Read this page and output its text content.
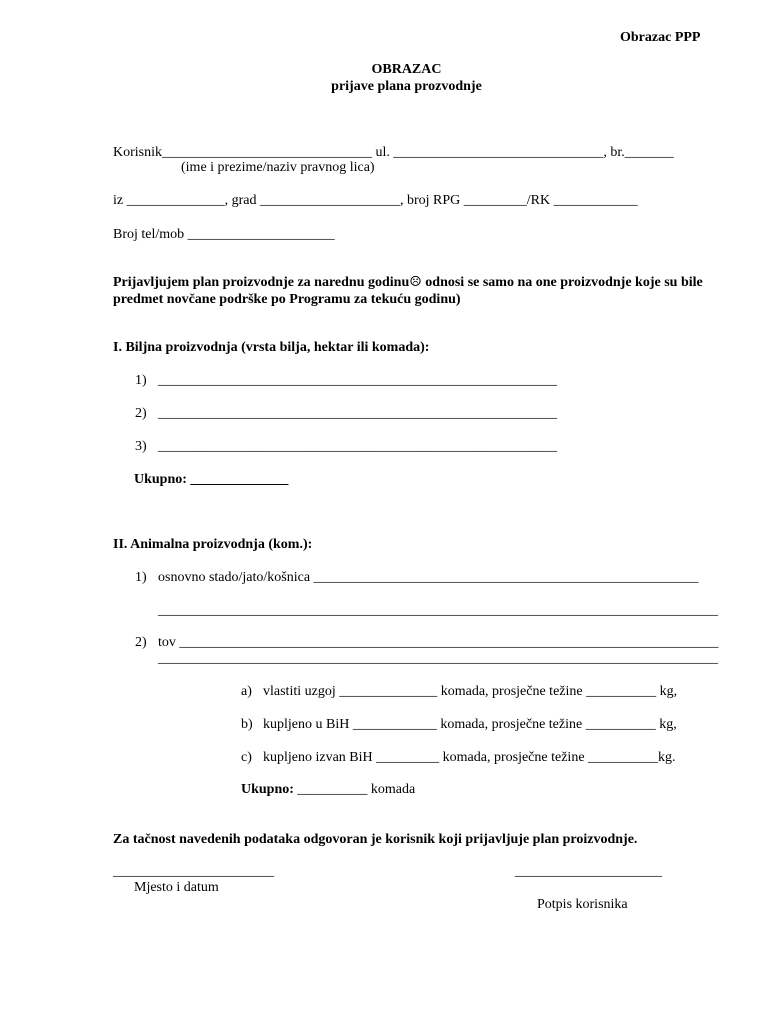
Obrazac PPP
OBRAZAC
prijave plana prozvodnje
Korisnik______________________________ ul. ______________________________, br._______
(ime i prezime/naziv pravnog lica)
iz ______________, grad ____________________, broj RPG _________/RK ____________
Broj tel/mob _____________________
Prijavljujem plan proizvodnje za narednu godinu☹ odnosi se samo na one proizvodnje koje su bile
predmet novčane podrške po Programu za tekuću godinu)
I. Biljna proizvodnja (vrsta bilja, hektar ili komada):
1) _________________________________________________________
2) _________________________________________________________
3) _________________________________________________________
Ukupno: ______________
II. Animalna proizvodnja (kom.):
1) osnovno stado/jato/košnica _______________________________________________________
________________________________________________________________________________
2) tov _____________________________________________________________________________
________________________________________________________________________________
a) vlastiti uzgoj ______________ komada, prosječne težine __________ kg,
b) kupljeno u BiH ____________ komada, prosječne težine __________ kg,
c) kupljeno izvan BiH _________ komada, prosječne težine __________kg.
Ukupno: __________ komada
Za tačnost navedenih podataka odgovoran je korisnik koji prijavljuje plan proizvodnje.
_______________________
Mjesto i datum
_____________________
Potpis korisnika
